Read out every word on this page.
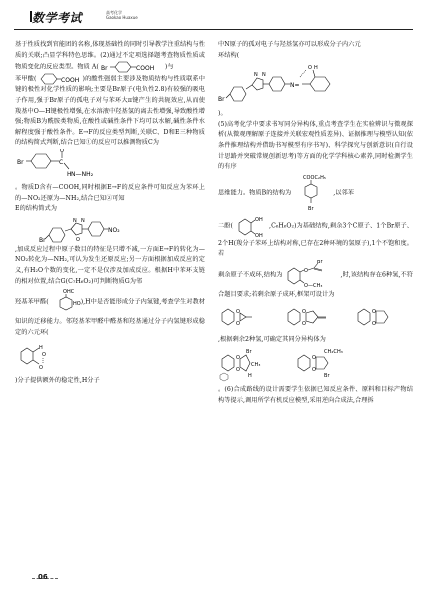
数学考试	高考化学
Gaokao Huaxue

基于性质找到官能团的名称,体现基础性的同时引导教学注重结构与性质的关联;凸显学科特色思维。(2)通过不定项选择题考查物质性质或物质变化的反应类型。物质 A( Br	COOH )与

苯甲酸(	COOH )的酸性强弱主要涉及物质结构与性质联系中键的极性对化学性质的影响;主要是Br原子(电负性2.8)有较强的吸电子作用,强于Br原子的孤电子对与苯环大π键产生的共轭效应,从而使羧基中O—H键极性增强,在水溶液中羟基氢的离去性增强,导致酸性增强;物质B为酰胺类物质,在酸性或碱性条件下均可以水解,碱性条件水解程度强于酸性条件。E→F的反应类型判断,关联C、D和E三种物质的结构简式判断,结合已知①的反应可以推测物质C为

Br	C
O
H N—NH₂

。物质D含有—COOH,同时根据E→F的反应条件可知反应为苯环上的—NO₂还原为—NH₂,结合已知②可知

E的结构简式为

Br
N N
O
NO₂

,加成反应过程中原子数目的特征是只增不减,一方面E→F的转化为—NO₂转化为—NH₂,可认为发生还原反应;另一方面根据加成反应的定义,有H₂O个数的变化,一定不是仅涉及加成反应。根据H中苯环支链的相对位置,结合G(C₇H₆O₂)可判断物质G为邻

羟基苯甲醛(
OHC
HO ),H中是否能形成分子内氢键,考查学生对教材知识的迁移能力。邻羟基苯甲醛中醛基和羟基通过分子内氢键形成稳定的六元环(

H
O
O

)分子提供额外的稳定性,H分子

中N原子的孤对电子与羟基氢亦可以形成分子内六元

环结构(

Br
N N
N=
O H

)。

(5)高考化学中要求书写同分异构体,重点考查学生在实验辨识与微观探析(从微观理解原子连接并关联宏观性质差异)、证据推理与模型认知(依条件推理结构并借助书写模型有序书写)、科学探究与创新意识(自行设计思路并突破常规创新思考)等方面的化学学科核心素养,同时检测学生的有序

思维能力。物质B的结构为
COOC₂H₅
Br
,以邻苯

二酚(
OH
OH
,C₆H₆O₂)为基础结构,剩余3个C原子、1个Br原子、2个H(羧分子苯环上结构对称,已存在2种环境的氢原子),1个不饱和度。若

剩余原子不成环,结构为
O
Br
O—CH₃
,时,该结构存在6种氢,不符合题目要求;若剩余原子成环,框架可设计为

O
O
O
O
O
O

,根据剩余2种氢,可确定其同分异构体为

O
O
Br
CH₃
H
O
O
CH₂CH₃
Br

。(6)合成路线的设计需要学生依据已知反应条件、原料和目标产物结构等提示,调用所学有机反应模型,采用逆向合成法,合理拆

06
